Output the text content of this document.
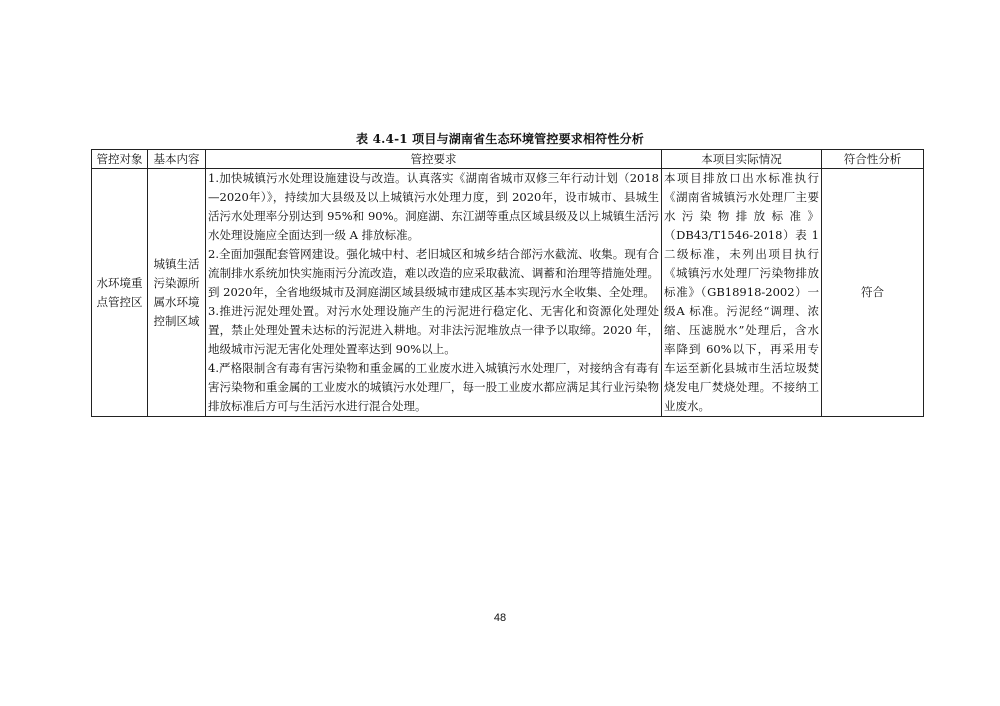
表 4.4-1 项目与湖南省生态环境管控要求相符性分析
管控对象	基本内容	管控要求	本项目实际情况	符合性分析
水环境重点管控区	城镇生活污染源所属水环境控制区域	1.加快城镇污水处理设施建设与改造。认真落实《湖南省城市双修三年行动计划（2018—2020年）》，持续加大县级及以上城镇污水处理力度，到 2020年，设市城市、县城生活污水处理率分别达到 95%和 90%。洞庭湖、东江湖等重点区域县级及以上城镇生活污水处理设施应全面达到一级 A 排放标准。

2.全面加强配套管网建设。强化城中村、老旧城区和城乡结合部污水截流、收集。现有合流制排水系统加快实施雨污分流改造，难以改造的应采取截流、调蓄和治理等措施处理。到 2020年，全省地级城市及洞庭湖区域县级城市建成区基本实现污水全收集、全处理。

3.推进污泥处理处置。对污水处理设施产生的污泥进行稳定化、无害化和资源化处理处置，禁止处理处置未达标的污泥进入耕地。对非法污泥堆放点一律予以取缔。2020 年，地级城市污泥无害化处理处置率达到 90%以上。

4.严格限制含有毒有害污染物和重金属的工业废水进入城镇污水处理厂，对接纳含有毒有害污染物和重金属的工业废水的城镇污水处理厂，每一股工业废水都应满足其行业污染物排放标准后方可与生活污水进行混合处理。	本项目排放口出水标准执行《湖南省城镇污水处理厂主要水污染物排放标准》（DB43/T1546-2018）表 1 二级标准，未列出项目执行《城镇污水处理厂污染物排放标准》（GB18918-2002）一级A 标准。污泥经“调理、浓缩、压滤脱水”处理后，含水率降到 60%以下，再采用专车运至新化县城市生活垃圾焚烧发电厂焚烧处理。不接纳工业废水。	符合
48
